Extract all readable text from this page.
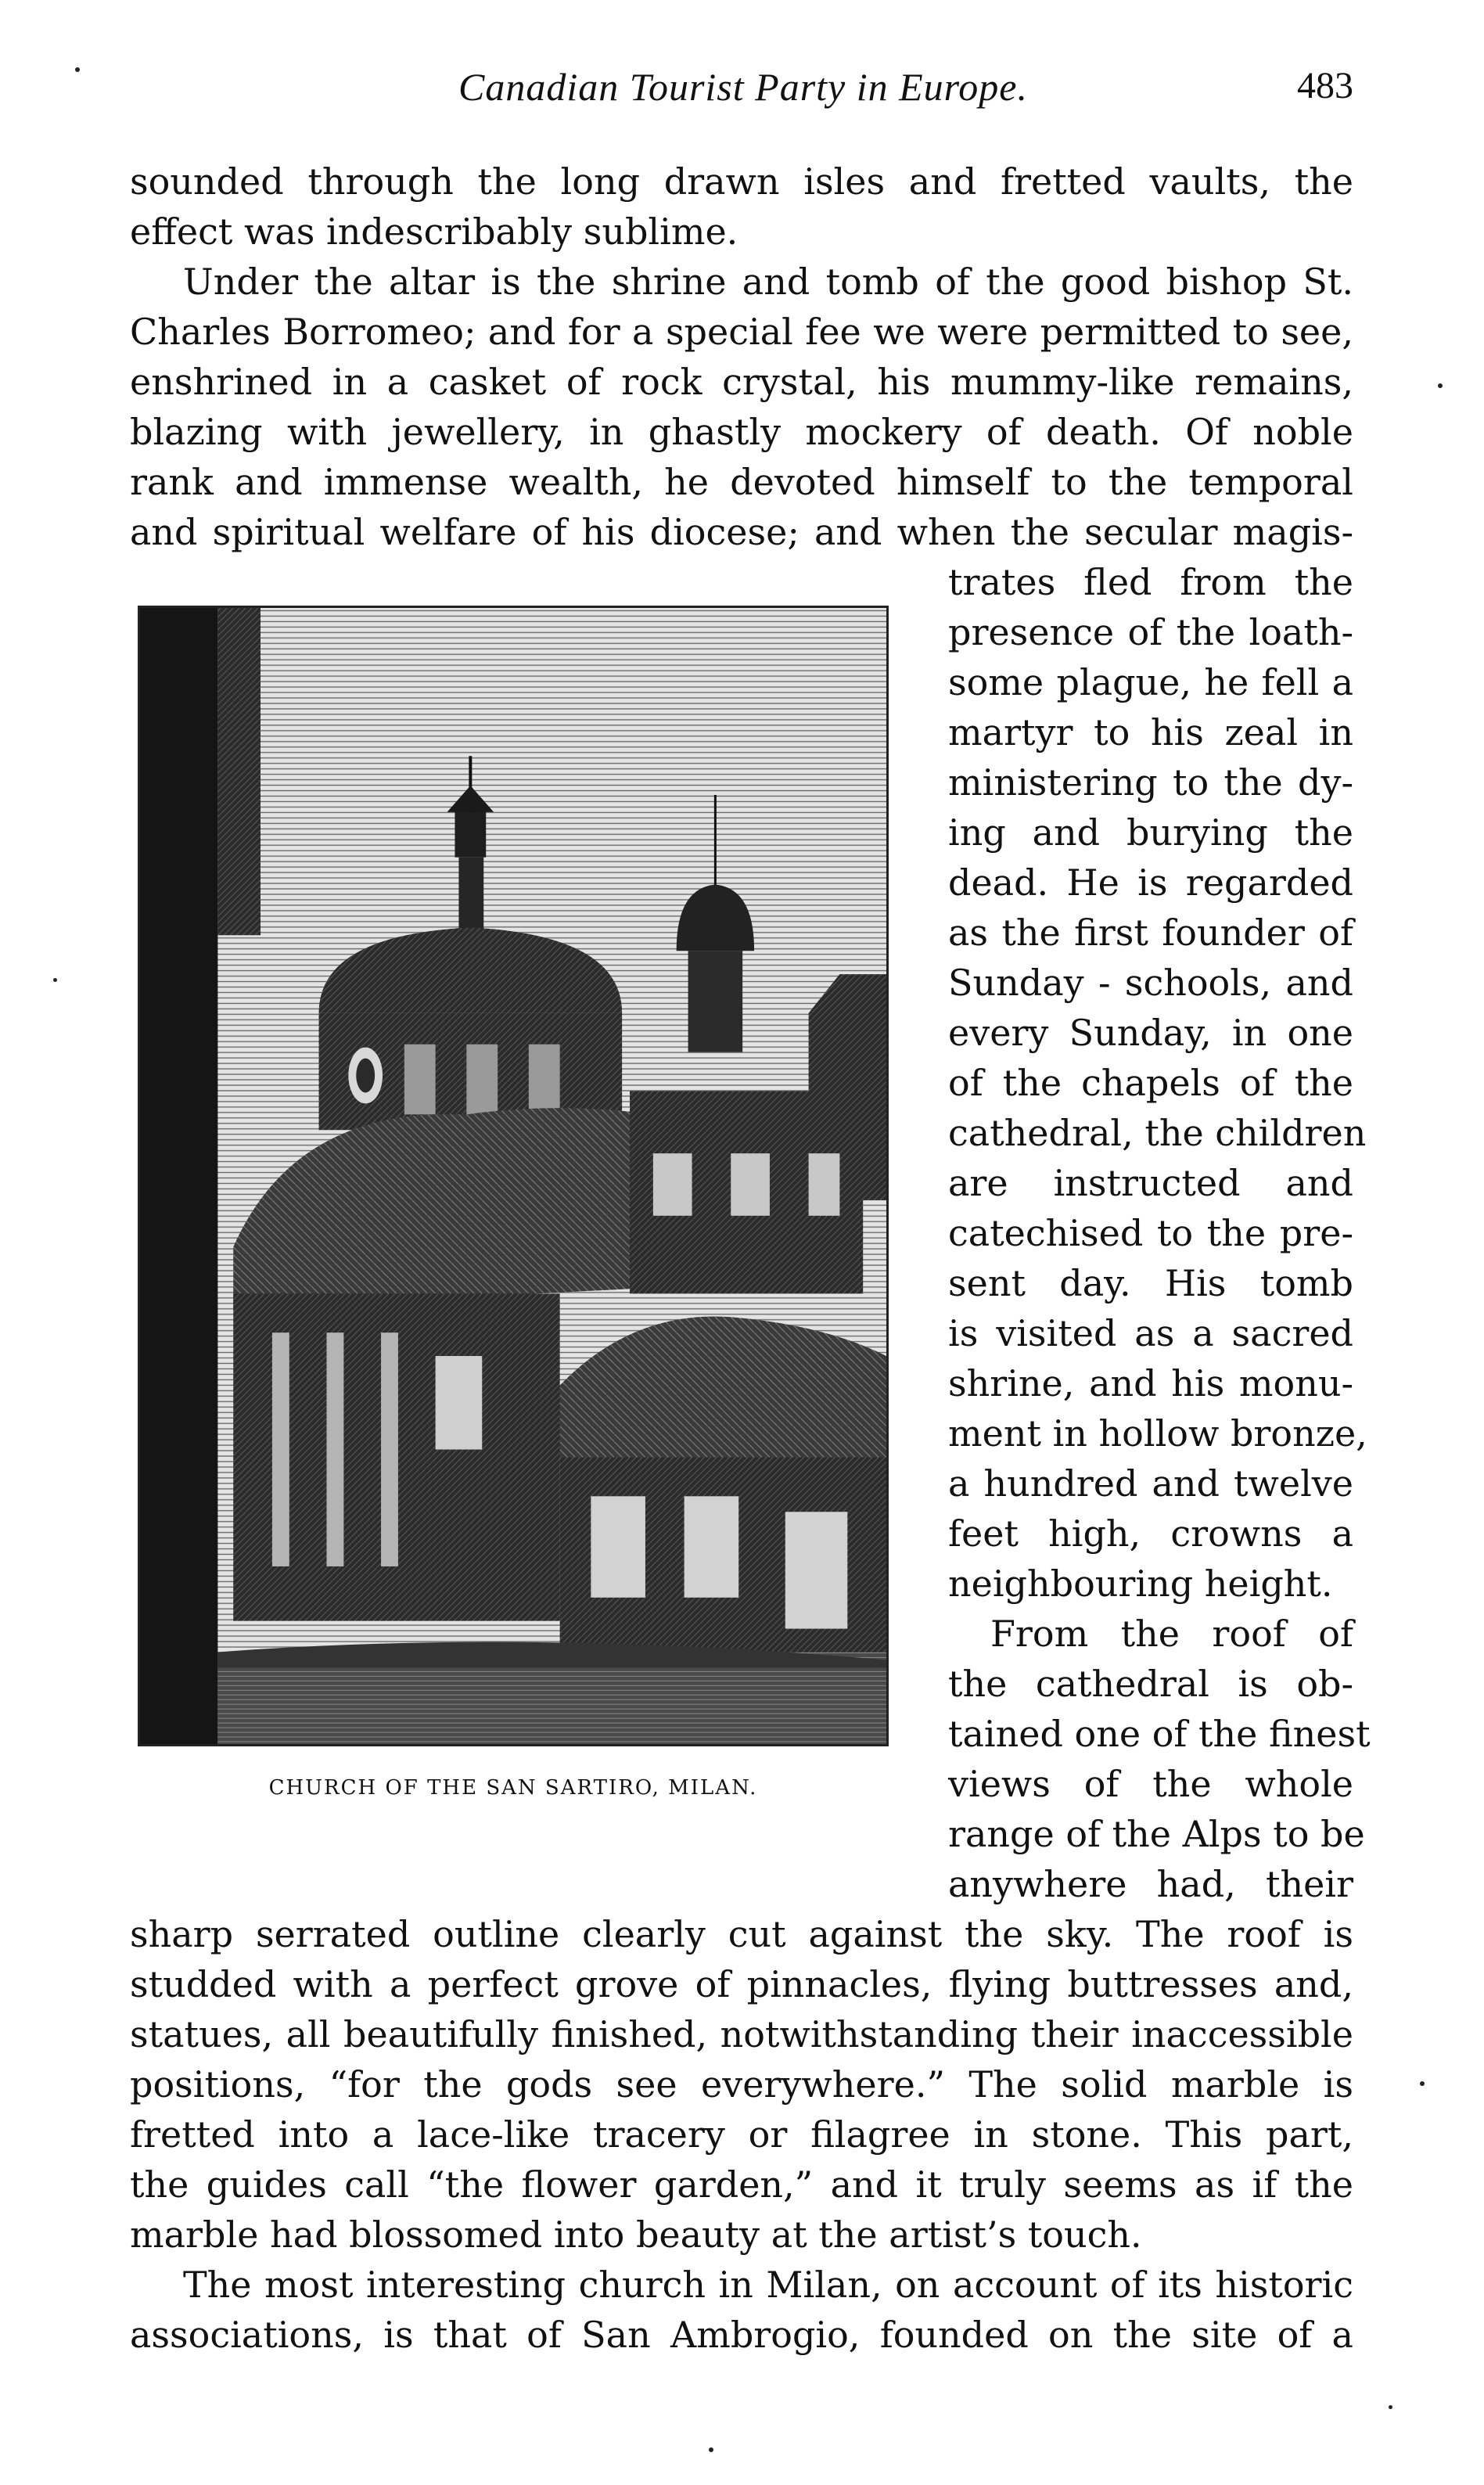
Canadian Tourist Party in Europe.	483
sounded through the long drawn isles and fretted vaults, the
effect was indescribably sublime.
Under the altar is the shrine and tomb of the good bishop St.
Charles Borromeo; and for a special fee we were permitted to see,
enshrined in a casket of rock crystal, his mummy-like remains,
blazing with jewellery, in ghastly mockery of death. Of noble
rank and immense wealth, he devoted himself to the temporal
and spiritual welfare of his diocese; and when the secular magis-
trates fled from the
presence of the loath-
some plague, he fell a
martyr to his zeal in
ministering to the dy-
ing and burying the
dead. He is regarded
as the first founder of
Sunday - schools, and
every Sunday, in one
of the chapels of the
cathedral, the children
are instructed and
catechised to the pre-
sent day. His tomb
is visited as a sacred
shrine, and his monu-
ment in hollow bronze,
a hundred and twelve
feet high, crowns a
neighbouring height.
From the roof of
the cathedral is ob-
tained one of the finest
views of the whole
range of the Alps to be
anywhere had, their
CHURCH OF THE SAN SARTIRO, MILAN.
sharp serrated outline clearly cut against the sky. The roof is
studded with a perfect grove of pinnacles, flying buttresses and,
statues, all beautifully finished, notwithstanding their inaccessible
positions, “for the gods see everywhere.” The solid marble is
fretted into a lace-like tracery or filagree in stone. This part,
the guides call “the flower garden,” and it truly seems as if the
marble had blossomed into beauty at the artist’s touch.
The most interesting church in Milan, on account of its historic
associations, is that of San Ambrogio, founded on the site of a
